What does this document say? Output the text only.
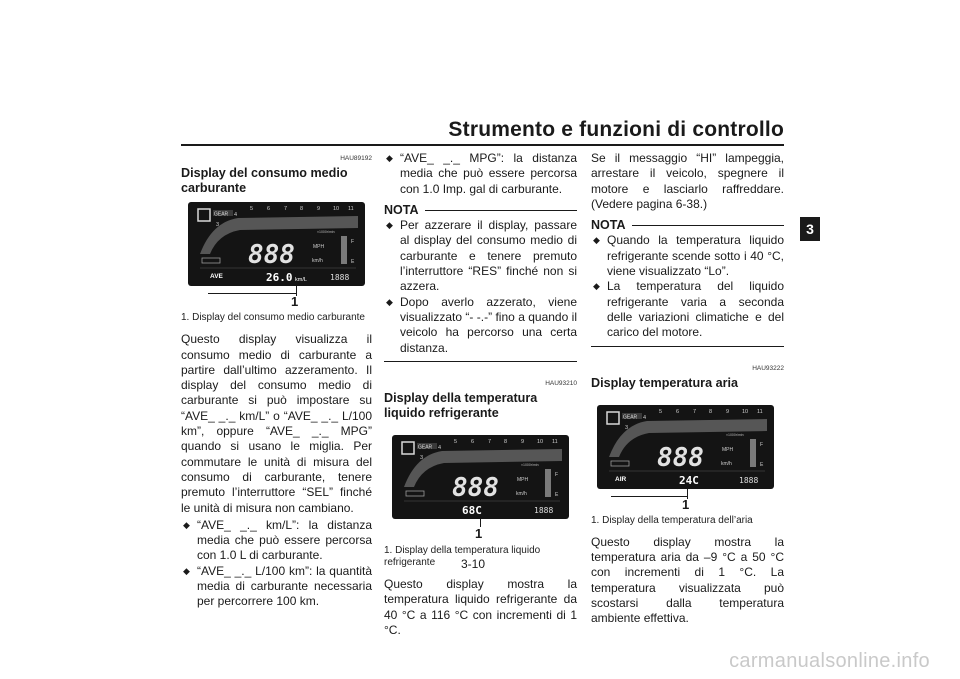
Strumento e funzioni di controllo
3
3-10
carmanualsonline.info
HAU89192
Display del consumo medio carburante
GEAR
3
4
5	6	7 8	9 10 11
888	MPH
km/h
×1000r/min
F
E
AVE	26.0 km/L	1888
1
1. Display del consumo medio carburante

Questo display visualizza il consumo medio di carburante a partire dall’ultimo azzeramento. Il display del consumo medio di carburante si può impostare su “AVE_ _._ km/L” o “AVE_ _._ L/100 km”, oppure “AVE_ _._ MPG” quando si usano le miglia. Per commutare le unità di misura del consumo di carburante, tenere premuto l’interruttore “SEL” finché le unità di misura non cambiano.

◆ “AVE_ _._ km/L”: la distanza media che può essere percorsa con 1.0 L di carburante.
◆ “AVE_ _._ L/100 km”: la quantità media di carburante necessaria per percorrere 100 km.
◆ “AVE_ _._ MPG”: la distanza media che può essere percorsa con 1.0 Imp. gal di carburante.
NOTA
◆ Per azzerare il display, passare al display del consumo medio di carburante e tenere premuto l’interruttore “RES” finché non si azzera.
◆ Dopo averlo azzerato, viene visualizzato “- -.-” fino a quando il veicolo ha percorso una certa distanza.
HAU93210
Display della temperatura liquido refrigerante
GEAR
3
4
5	6	7 8	9 10 11
888	MPH
km/h
×1000r/min
F
E
68C	1888
1
1. Display della temperatura liquido refrigerante

Questo display mostra la temperatura liquido refrigerante da 40 °C a 116 °C con incrementi di 1 °C.

Se il messaggio “HI” lampeggia, arrestare il veicolo, spegnere il motore e lasciarlo raffreddare. (Vedere pagina 6-38.)

NOTA
◆ Quando la temperatura liquido refrigerante scende sotto i 40 °C, viene visualizzato “Lo”.
◆ La temperatura del liquido refrigerante varia a seconda delle variazioni climatiche e del carico del motore.
HAU93222
Display temperatura aria
GEAR
3
4
5	6	7 8	9 10 11
888	MPH
km/h
×1000r/min
F
E
AIR	24C	1888
1
1. Display della temperatura dell’aria

Questo display mostra la temperatura aria da –9 °C a 50 °C con incrementi di 1 °C. La temperatura visualizzata può scostarsi dalla temperatura ambiente effettiva.
